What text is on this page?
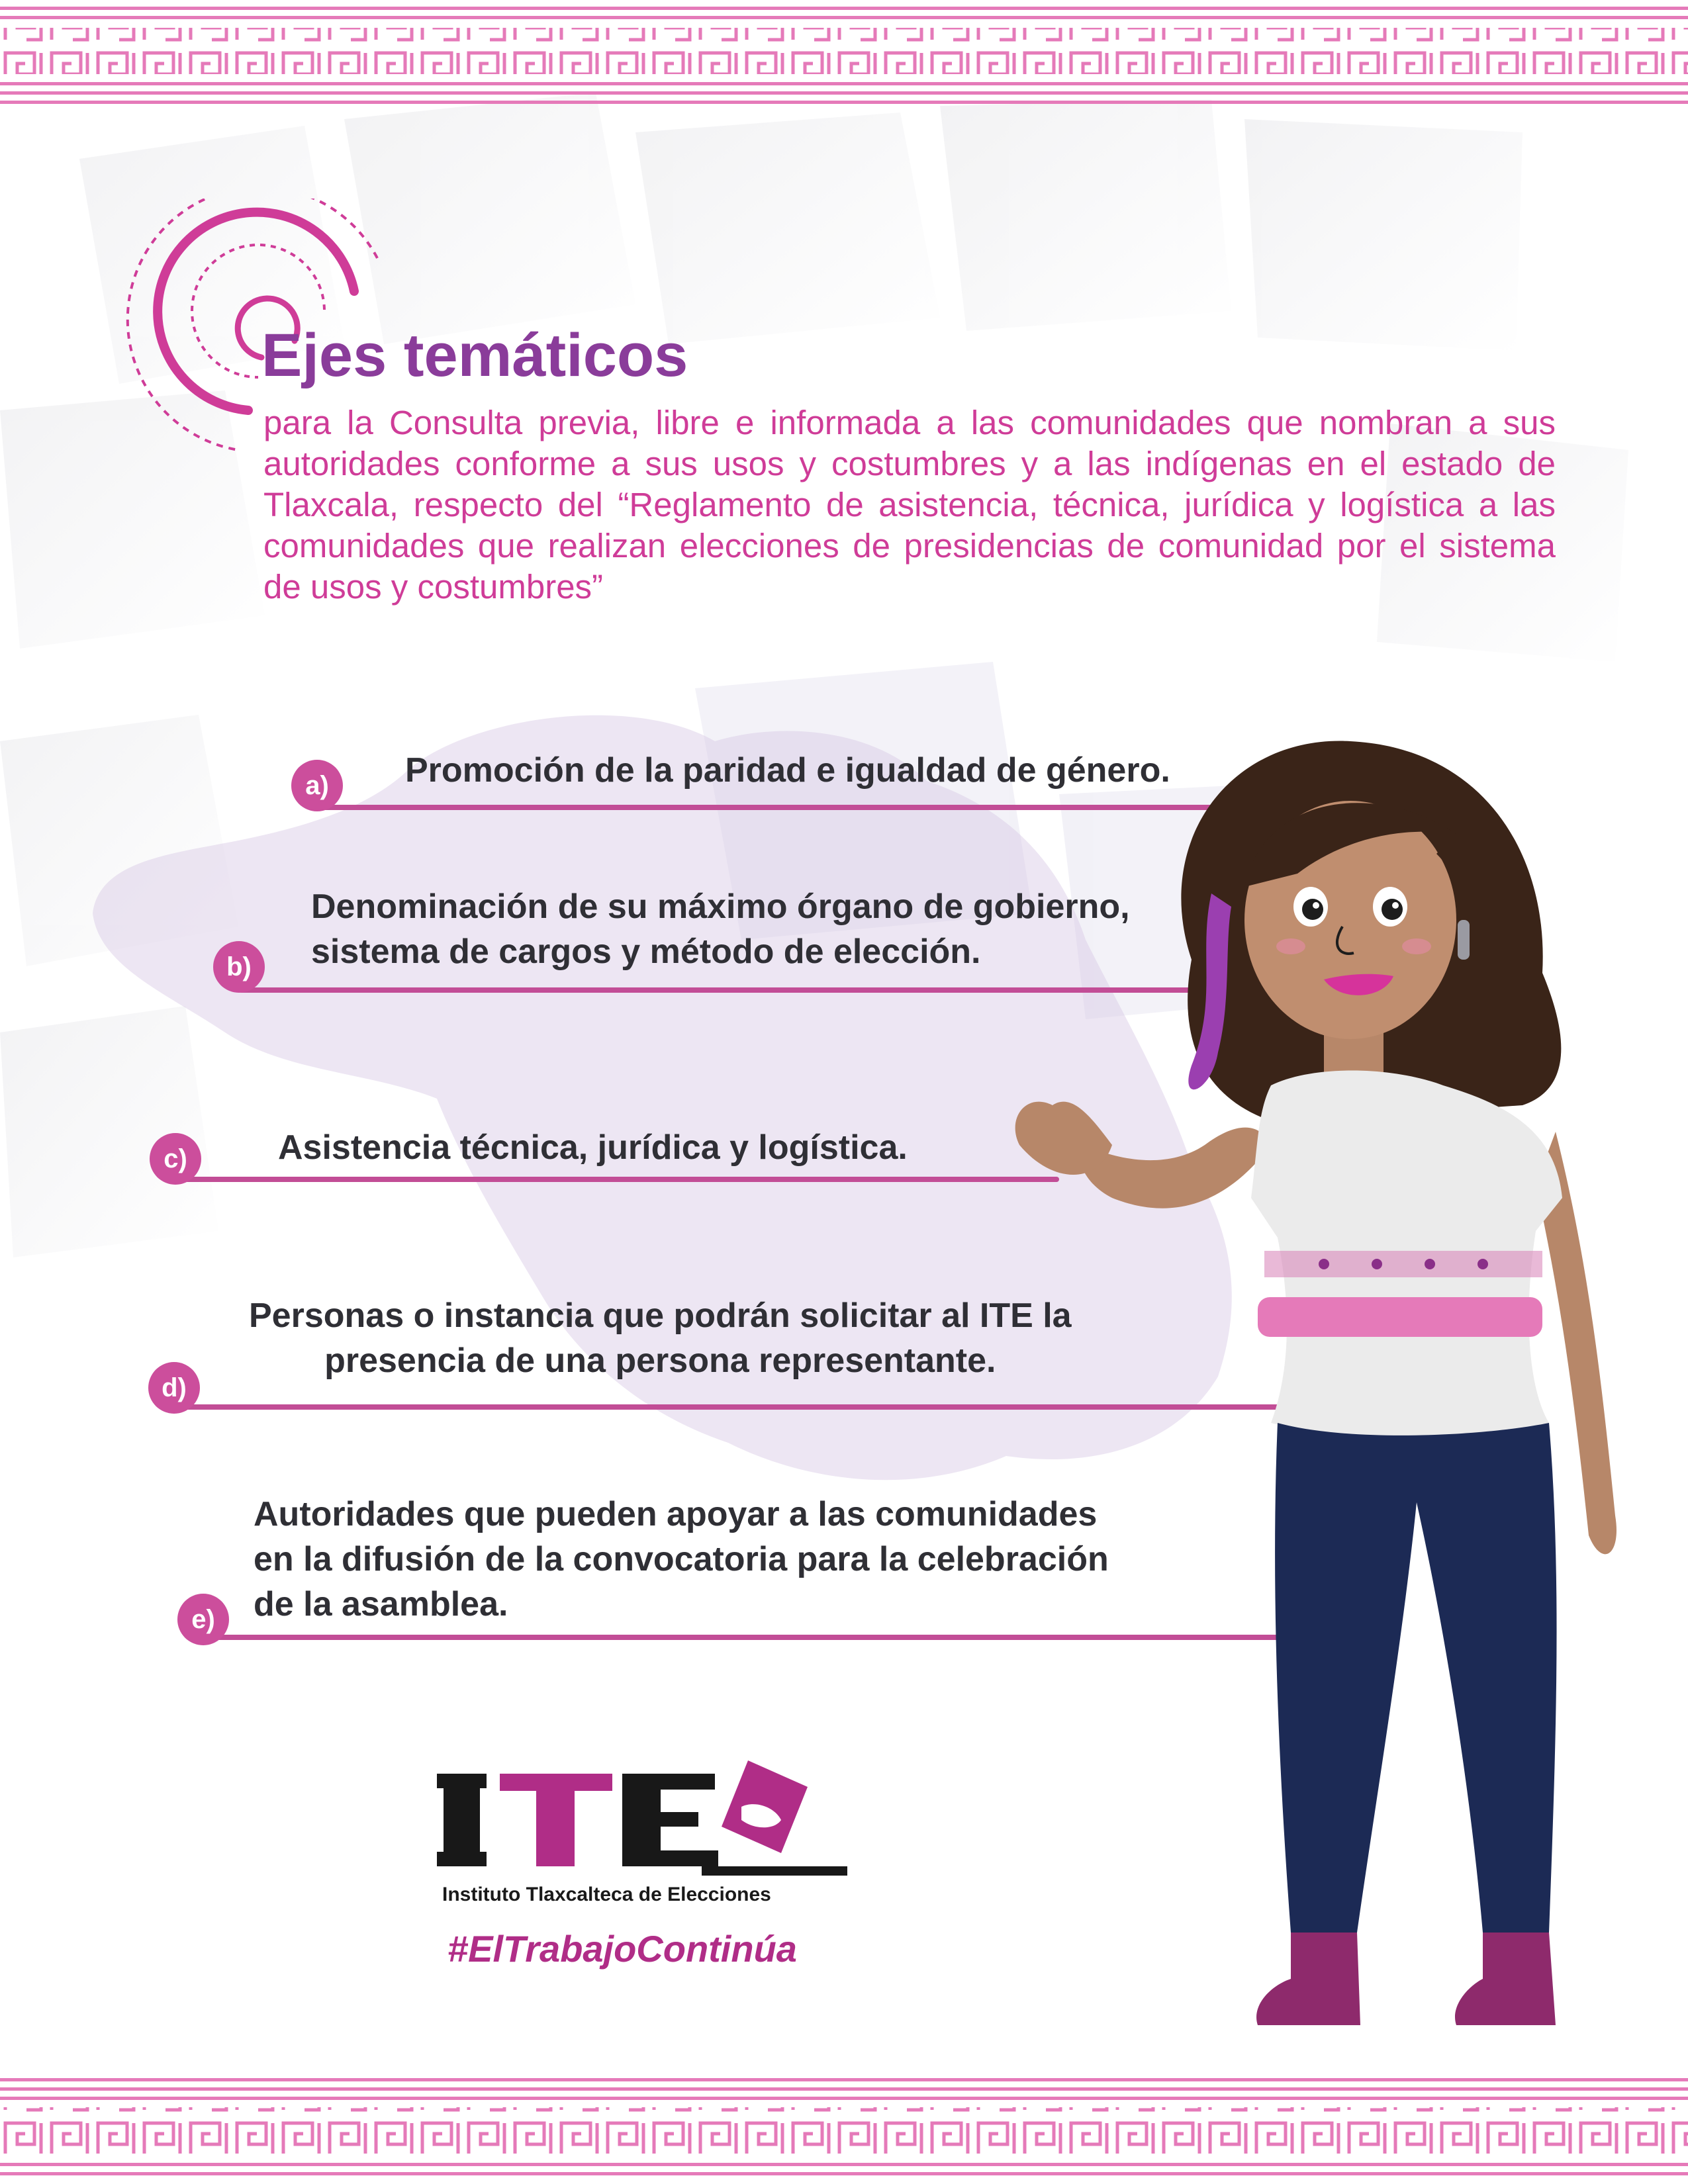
Ejes temáticos

para la Consulta previa, libre e informada a las comunidades que nombran a sus autoridades conforme a sus usos y costumbres y a las indígenas en el estado de Tlaxcala, respecto del “Reglamento de asistencia, técnica, jurídica y logística a las comunidades que realizan elecciones de presidencias de comunidad por el sistema de usos y costumbres”

a)	Promoción de la paridad e igualdad de género.

b)

Denominación de su máximo órgano de gobierno,
sistema de cargos y método de elección.

c)	Asistencia técnica, jurídica y logística.

d)

Personas o instancia que podrán solicitar al ITE la
presencia de una persona representante.

e)

Autoridades que pueden apoyar a las comunidades
en la difusión de la convocatoria para la celebración
de la asamblea.

Instituto Tlaxcalteca de Elecciones

#ElTrabajoContinúa
